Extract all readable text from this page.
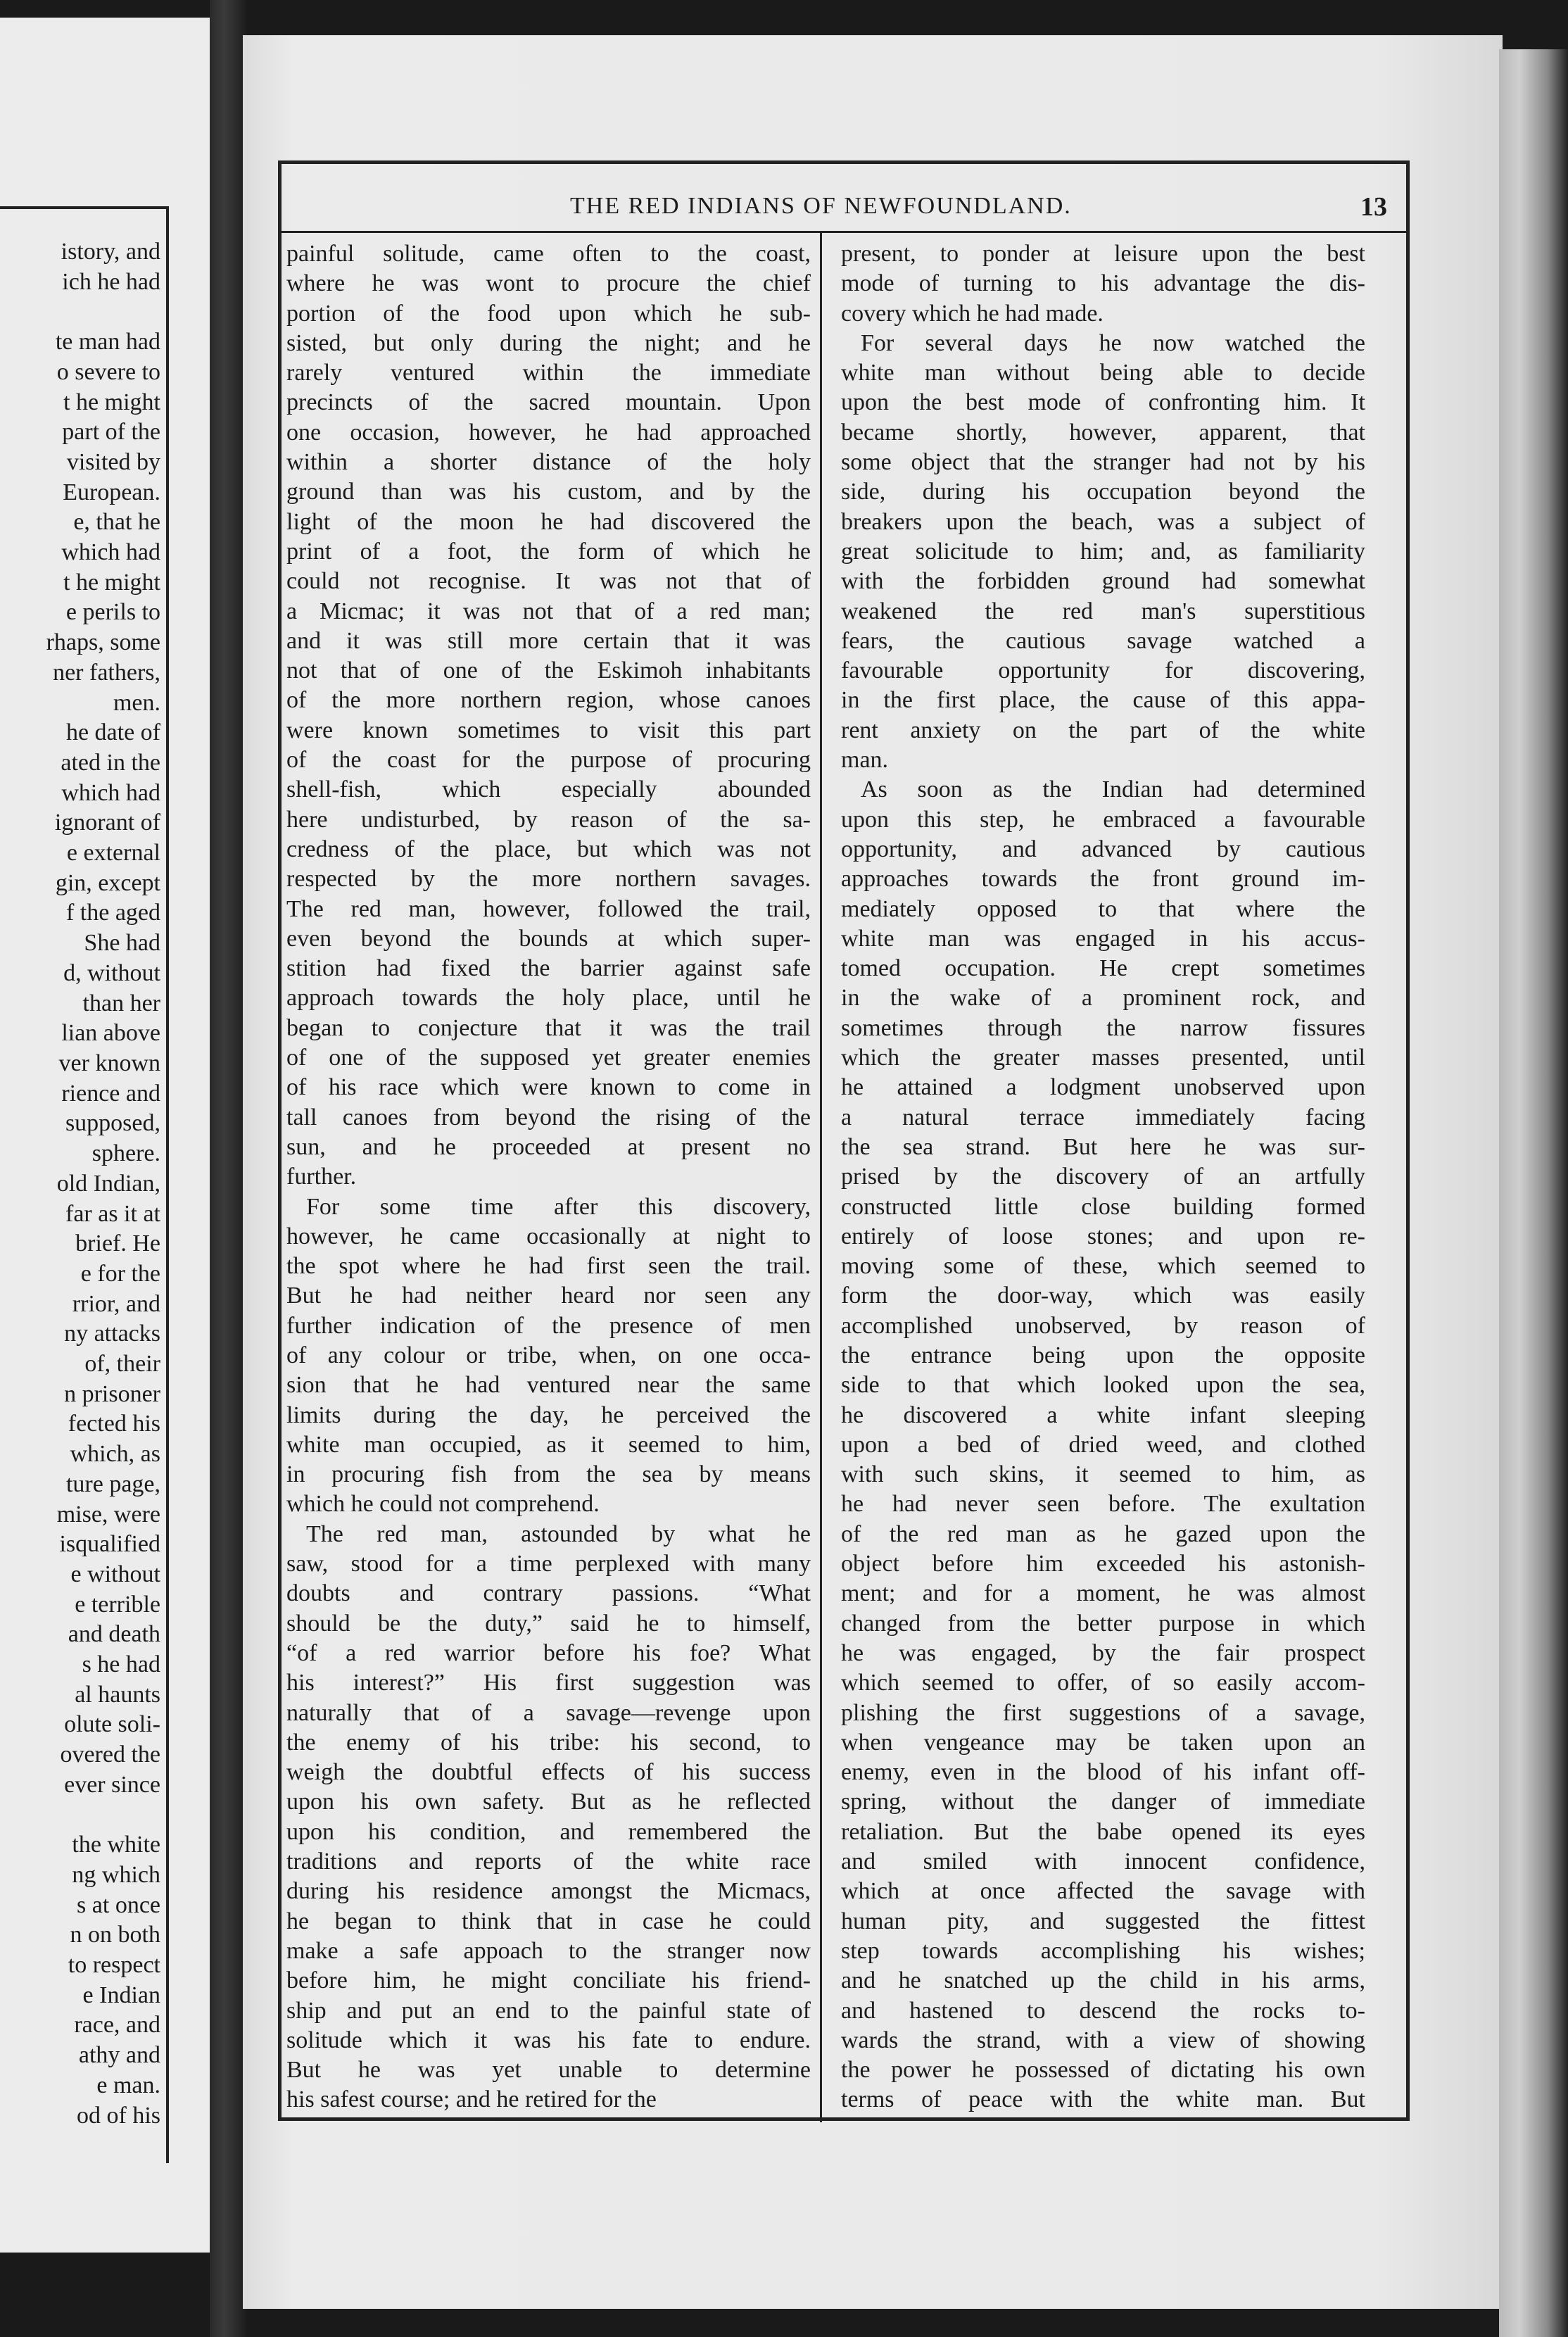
istory, and
ich he had

te man had
o severe to
t he might
part of the
visited by
European.
e, that he
which had
t he might
e perils to
rhaps, some
ner fathers,
men.
he date of
ated in the
which had
ignorant of
e external
gin, except
f the aged
She had
d, without
than her
lian above
ver known
rience and
supposed,
sphere.
old Indian,
far as it at
brief. He
e for the
rrior, and
ny attacks
of, their
n prisoner
fected his
which, as
ture page,
mise, were
isqualified
e without
e terrible
and death
s he had
al haunts
olute soli-
overed the
ever since

the white
ng which
s at once
n on both
to respect
e Indian
race, and
athy and
e man.
od of his
THE RED INDIANS OF NEWFOUNDLAND.	13
painful solitude, came often to the coast,
where he was wont to procure the chief
portion of the food upon which he sub-
sisted, but only during the night; and he
rarely ventured within the immediate
precincts of the sacred mountain. Upon
one occasion, however, he had approached
within a shorter distance of the holy
ground than was his custom, and by the
light of the moon he had discovered the
print of a foot, the form of which he
could not recognise. It was not that of
a Micmac; it was not that of a red man;
and it was still more certain that it was
not that of one of the Eskimoh inhabitants
of the more northern region, whose canoes
were known sometimes to visit this part
of the coast for the purpose of procuring
shell-fish, which especially abounded
here undisturbed, by reason of the sa-
credness of the place, but which was not
respected by the more northern savages.
The red man, however, followed the trail,
even beyond the bounds at which super-
stition had fixed the barrier against safe
approach towards the holy place, until he
began to conjecture that it was the trail
of one of the supposed yet greater enemies
of his race which were known to come in
tall canoes from beyond the rising of the
sun, and he proceeded at present no
further.
For some time after this discovery,
however, he came occasionally at night to
the spot where he had first seen the trail.
But he had neither heard nor seen any
further indication of the presence of men
of any colour or tribe, when, on one occa-
sion that he had ventured near the same
limits during the day, he perceived the
white man occupied, as it seemed to him,
in procuring fish from the sea by means
which he could not comprehend.
The red man, astounded by what he
saw, stood for a time perplexed with many
doubts and contrary passions. “What
should be the duty,” said he to himself,
“of a red warrior before his foe? What
his interest?” His first suggestion was
naturally that of a savage—revenge upon
the enemy of his tribe: his second, to
weigh the doubtful effects of his success
upon his own safety. But as he reflected
upon his condition, and remembered the
traditions and reports of the white race
during his residence amongst the Micmacs,
he began to think that in case he could
make a safe appoach to the stranger now
before him, he might conciliate his friend-
ship and put an end to the painful state of
solitude which it was his fate to endure.
But he was yet unable to determine
his safest course; and he retired for the
present, to ponder at leisure upon the best
mode of turning to his advantage the dis-
covery which he had made.
For several days he now watched the
white man without being able to decide
upon the best mode of confronting him. It
became shortly, however, apparent, that
some object that the stranger had not by his
side, during his occupation beyond the
breakers upon the beach, was a subject of
great solicitude to him; and, as familiarity
with the forbidden ground had somewhat
weakened the red man's superstitious
fears, the cautious savage watched a
favourable opportunity for discovering,
in the first place, the cause of this appa-
rent anxiety on the part of the white
man.
As soon as the Indian had determined
upon this step, he embraced a favourable
opportunity, and advanced by cautious
approaches towards the front ground im-
mediately opposed to that where the
white man was engaged in his accus-
tomed occupation. He crept sometimes
in the wake of a prominent rock, and
sometimes through the narrow fissures
which the greater masses presented, until
he attained a lodgment unobserved upon
a natural terrace immediately facing
the sea strand. But here he was sur-
prised by the discovery of an artfully
constructed little close building formed
entirely of loose stones; and upon re-
moving some of these, which seemed to
form the door-way, which was easily
accomplished unobserved, by reason of
the entrance being upon the opposite
side to that which looked upon the sea,
he discovered a white infant sleeping
upon a bed of dried weed, and clothed
with such skins, it seemed to him, as
he had never seen before. The exultation
of the red man as he gazed upon the
object before him exceeded his astonish-
ment; and for a moment, he was almost
changed from the better purpose in which
he was engaged, by the fair prospect
which seemed to offer, of so easily accom-
plishing the first suggestions of a savage,
when vengeance may be taken upon an
enemy, even in the blood of his infant off-
spring, without the danger of immediate
retaliation. But the babe opened its eyes
and smiled with innocent confidence,
which at once affected the savage with
human pity, and suggested the fittest
step towards accomplishing his wishes;
and he snatched up the child in his arms,
and hastened to descend the rocks to-
wards the strand, with a view of showing
the power he possessed of dictating his own
terms of peace with the white man. But
